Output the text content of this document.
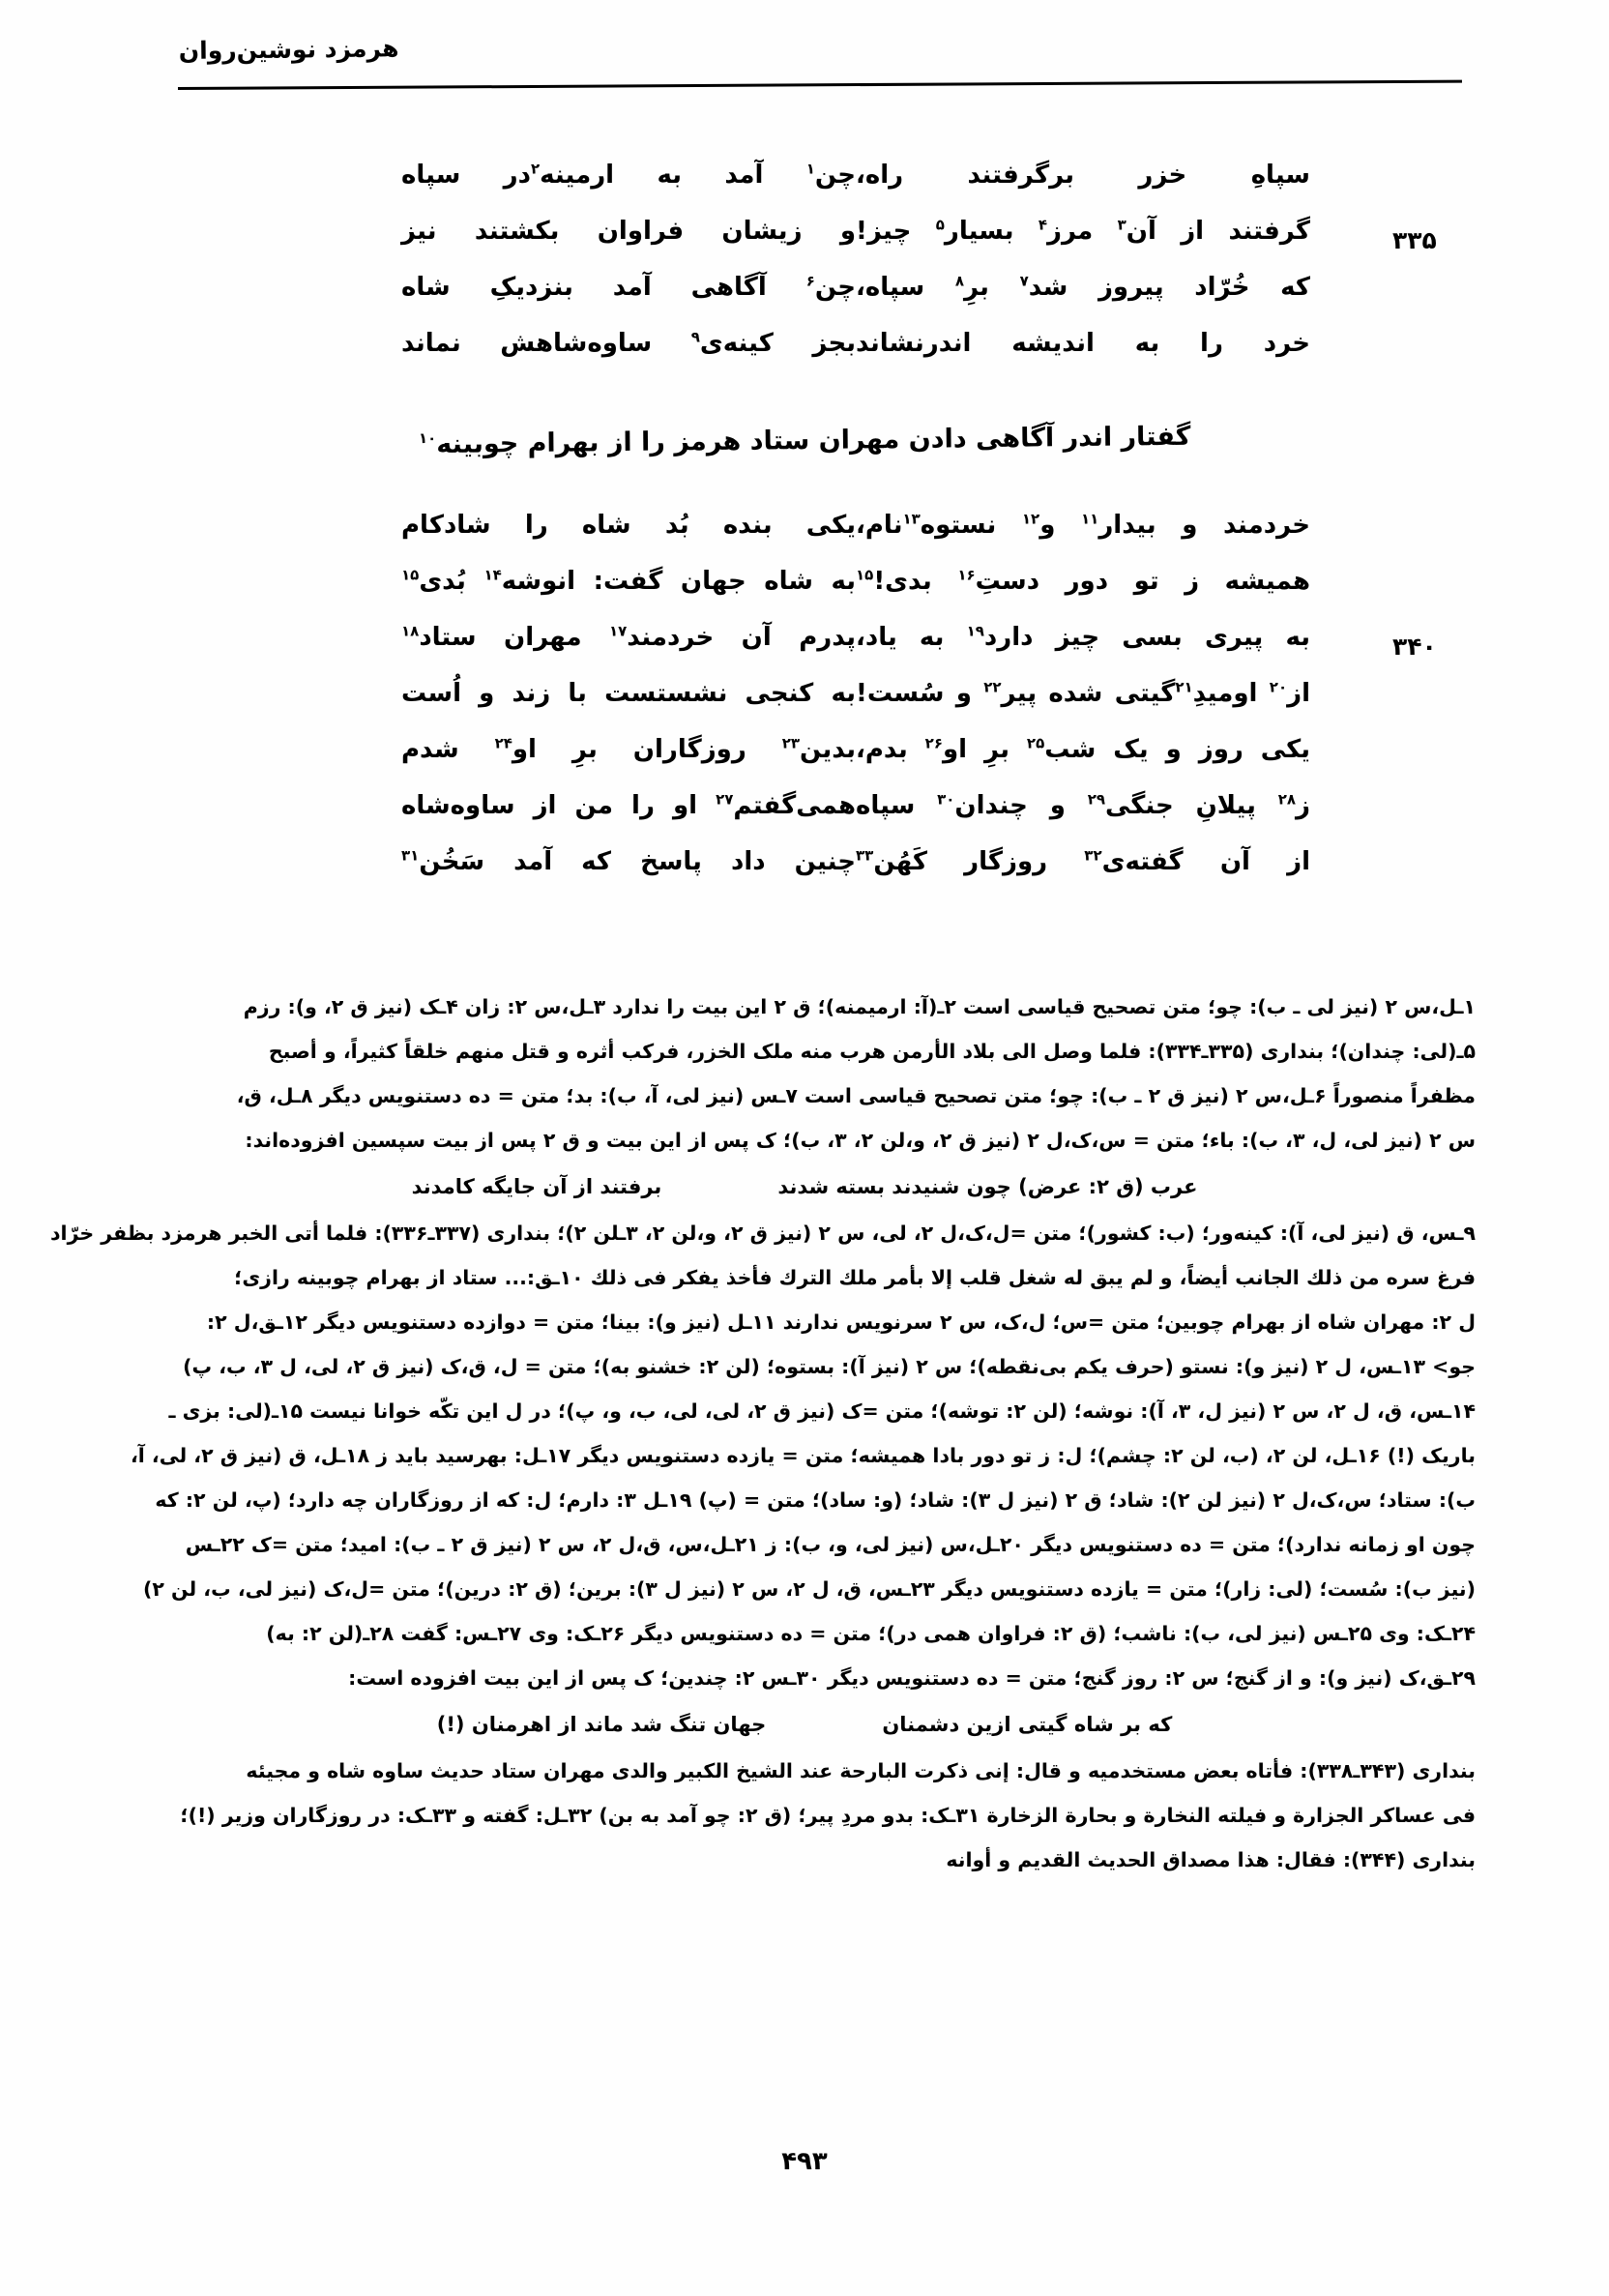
هرمزد نوشین‌روان
سپاهِ خزر برگرفتند راه،
چن$^۱$ آمد به ارمینه$^۲$در سپاه
۳۳۵
گرفتند از آن$^۳$ مرز$^۴$ بسیار$^۵$ چیز!
و زیشان فراوان بکشتند نیز
که خُرّاد پیروز شد$^۷$ برِ$^۸$ سپاه،
چن$^۶$ آگاهی آمد بنزدیکِ شاه
خرد را به اندیشه اندرنشاند
بجز کینه‌ی$^۹$ ساوه‌شاهش نماند
گفتار اندر آگاهی دادن مهران ستاد هرمز را از بهرام چوبینه$^{۱۰}$
خردمند و بیدار$^{۱۱}$ و$^{۱۲}$ نستوه$^{۱۳}$نام،
یکی بنده بُد شاه را شادکام
همیشه ز تو دور دستِ$^{۱۶}$ بدی!$^{۱۵}$
به شاه جهان گفت: انوشه$^{۱۴}$ بُدی$^{۱۵}$
۳۴۰
به پیری بسی چیز دارد$^{۱۹}$ به یاد،
پدرم آن خردمند$^{۱۷}$ مهران ستاد$^{۱۸}$
از$^{۲۰}$ اومیدِ$^{۲۱}$گیتی شده پیر$^{۲۲}$ و سُست!
به کنجی نشستست با زند و اُست
یکی روز و یک شب$^{۲۵}$ برِ او$^{۲۶}$ بدم،
بدین$^{۲۳}$ روزگاران برِ او$^{۲۴}$ شدم
ز$^{۲۸}$ پیلانِ جنگی$^{۲۹}$ و چندان$^{۳۰}$ سپاه
همی‌گفتم$^{۲۷}$ او را من از ساوه‌شاه
از آن گفته‌ی$^{۳۲}$ روزگار کَهُن$^{۳۳}$
چنین داد پاسخ که آمد سَخُن$^{۳۱}$
۱ـل،س ۲ (نیز لی ـ ب): چو؛ متن تصحیح قیاسی است ۲ـ(آ: ارمیمنه)؛ ق ۲ این بیت را ندارد ۳ـل،س ۲: زان ۴ـک (نیز ق ۲، و): رزم
۵ـ(لی: چندان)؛ بنداری (۳۳۵ـ۳۳۴): فلما وصل الی بلاد الأرمن هرب منه ملک الخزر، فرکب أثره و قتل منهم خلقاً کثیراً، و أصبح
مظفراً منصوراً ۶ـل،س ۲ (نیز ق ۲ ـ ب): چو؛ متن تصحیح قیاسی است ۷ـس (نیز لی، آ، ب): بد؛ متن = ده دستنویس دیگر ۸ـل، ق،
س ۲ (نیز لی، ل، ۳، ب): باء؛ متن = س،ک،ل ۲ (نیز ق ۲، و،لن ۲، ۳، ب)؛ ک پس از این بیت و ق ۲ پس از بیت سپسین افزوده‌اند:
عرب (ق ۲: عرض) چون شنیدند بسته شدند
برفتند از آن جایگه کامدند
۹ـس، ق (نیز لی، آ): کینه‌ور؛ (ب: کشور)؛ متن =ل،ک،ل ۲، لی، س ۲ (نیز ق ۲، و،لن ۲، ۳ـلن ۲)؛ بنداری (۳۳۷ـ۳۳۶): فلما أتی الخبر هرمزد بظفر خرّاد
فرغ سره من ذلك الجانب أیضاً، و لم یبق له شغل قلب إلا بأمر ملك الترك فأخذ یفکر فی ذلك ۱۰ـق:... ستاد از بهرام چوبینه رازی؛
ل ۲: مهران شاه از بهرام چوبین؛ متن =س؛ ل،ک، س ۲ سرنویس ندارند ۱۱ـل (نیز و): بینا؛ متن = دوازده دستنویس دیگر ۱۲ـق،ل ۲:
جو> ۱۳ـس، ل ۲ (نیز و): نستو (حرف یکم بی‌نقطه)؛ س ۲ (نیز آ): بستوه؛ (لن ۲: خشنو به)؛ متن = ل، ق،ک (نیز ق ۲، لی، ل ۳، ب، پ)
۱۴ـس، ق، ل ۲، س ۲ (نیز ل، ۳، آ): نوشه؛ (لن ۲: توشه)؛ متن =ک (نیز ق ۲، لی، لی، ب، و، پ)؛ در ل این تکّه خوانا نیست ۱۵ـ(لی: بزی ـ
باریک (!) ۱۶ـل، لن ۲، (ب، لن ۲: چشم)؛ ل: ز تو دور بادا همیشه؛ متن = یازده دستنویس دیگر ۱۷ـل: بهرسید باید ز ۱۸ـل، ق (نیز ق ۲، لی، آ،
ب): ستاد؛ س،ک،ل ۲ (نیز لن ۲): شاد؛ ق ۲ (نیز ل ۳): شاد؛ (و: ساد)؛ متن = (پ) ۱۹ـل ۳: دارم؛ ل: که از روزگاران چه دارد؛ (پ، لن ۲: که
چون او زمانه ندارد)؛ متن = ده دستنویس دیگر ۲۰ـل،س (نیز لی، و، ب): ز ۲۱ـل،س، ق،ل ۲، س ۲ (نیز ق ۲ ـ ب): امید؛ متن =ک ۲۲ـس
(نیز ب): سُست؛ (لی: زار)؛ متن = یازده دستنویس دیگر ۲۳ـس، ق، ل ۲، س ۲ (نیز ل ۳): برین؛ (ق ۲: درین)؛ متن =ل،ک (نیز لی، ب، لن ۲)
۲۴ـک: وی ۲۵ـس (نیز لی، ب): ناشب؛ (ق ۲: فراوان همی در)؛ متن = ده دستنویس دیگر ۲۶ـک: وی ۲۷ـس: گفت ۲۸ـ(لن ۲: به)
۲۹ـق،ک (نیز و): و از گنج؛ س ۲: روز گنج؛ متن = ده دستنویس دیگر ۳۰ـس ۲: چندین؛ ک پس از این بیت افزوده است:
که بر شاه گیتی ازین دشمنان
جهان تنگ شد ماند از اهرمنان (!)
بنداری (۳۴۳ـ۳۳۸): فأتاه بعض مستخدمیه و قال: إنی ذکرت البارحة عند الشیخ الکبیر والدی مهران ستاد حدیث ساوه شاه و مجیئه
فی عساکر الجزارة و فیلته النخارة و بحارة الزخارة ۳۱ـک: بدو مردِ پیر؛ (ق ۲: چو آمد به بن) ۳۲ـل: گفته و ۳۳ـک: در روزگاران وزیر (!)؛
بنداری (۳۴۴): فقال: هذا مصداق الحدیث القدیم و أوانه
۴۹۳
